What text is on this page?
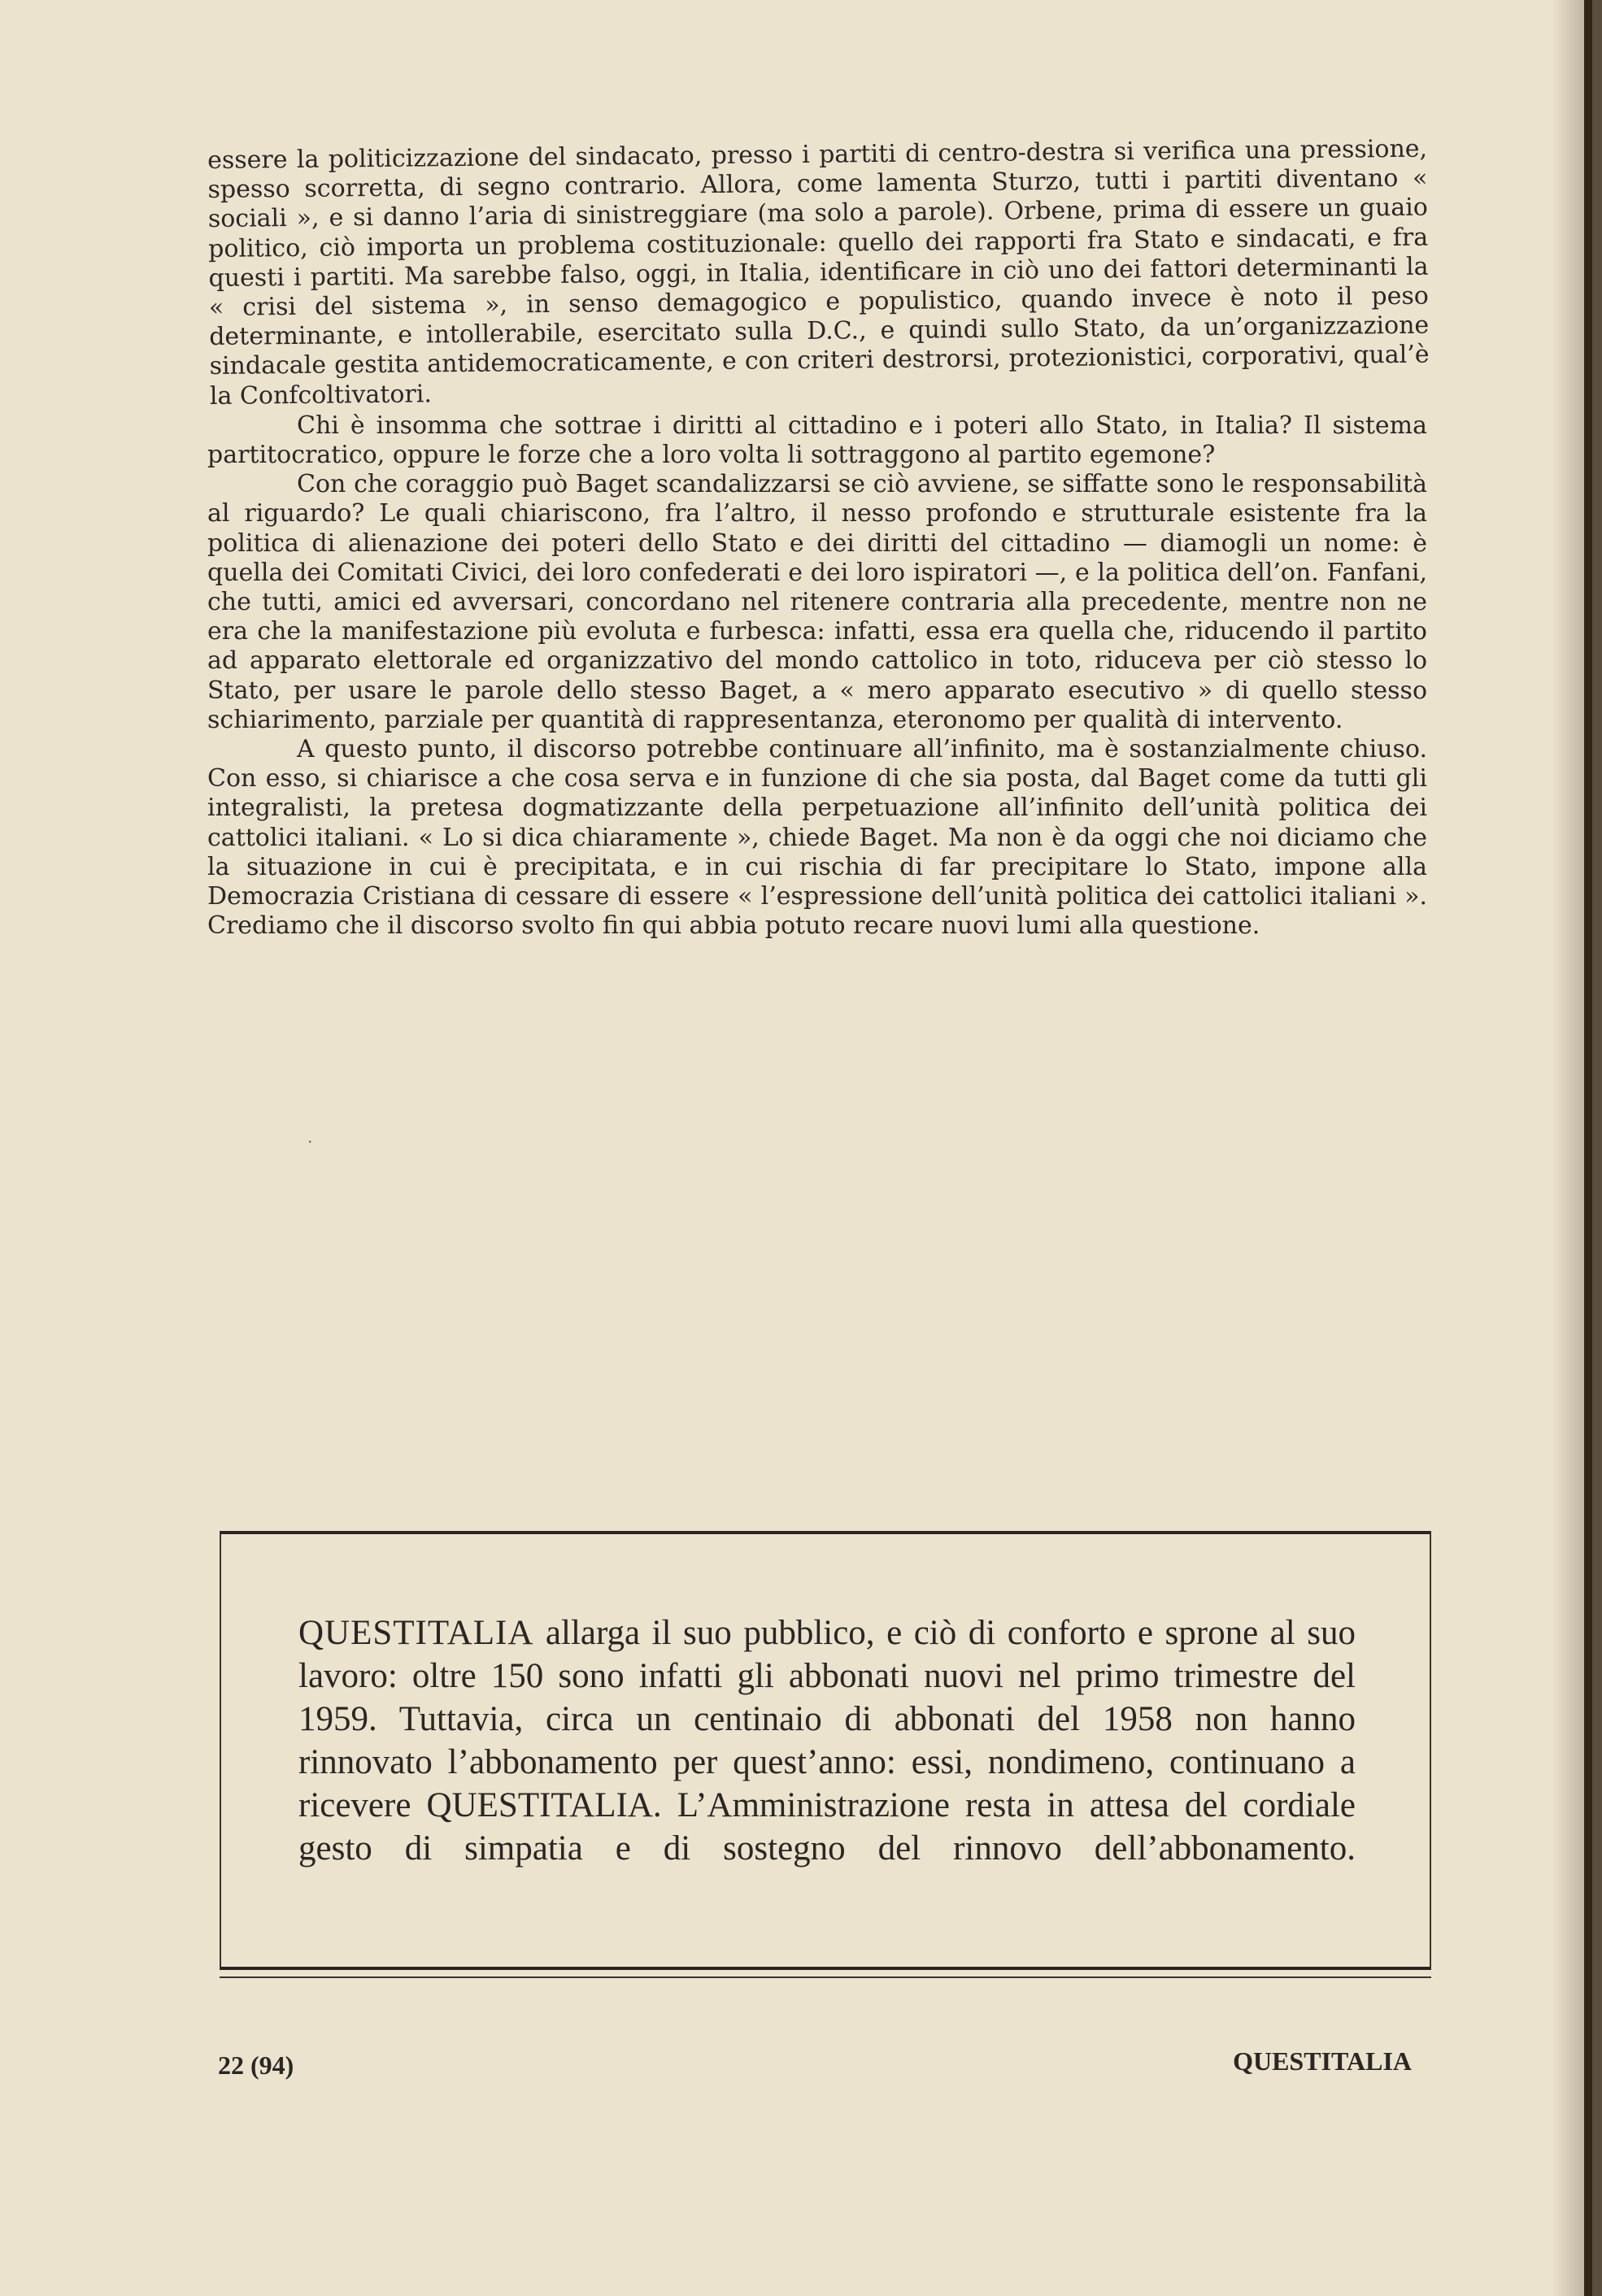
essere la politicizzazione del sindacato, presso i partiti di centro-destra si verifica una pressione, spesso scorretta, di segno contrario. Allora, come lamenta Sturzo, tutti i partiti diventano « sociali », e si danno l’aria di sinistreggiare (ma solo a parole). Orbene, prima di essere un guaio politico, ciò importa un problema costituzionale: quello dei rapporti fra Stato e sindacati, e fra questi i partiti. Ma sarebbe falso, oggi, in Italia, identificare in ciò uno dei fattori determinanti la « crisi del sistema », in senso demagogico e populistico, quando invece è noto il peso determinante, e intollerabile, esercitato sulla D.C., e quindi sullo Stato, da un’organizzazione sindacale gestita antidemocraticamente, e con criteri destrorsi, protezionistici, corporativi, qual’è la Confcoltivatori.

Chi è insomma che sottrae i diritti al cittadino e i poteri allo Stato, in Italia? Il sistema partitocratico, oppure le forze che a loro volta li sottraggono al partito egemone?

Con che coraggio può Baget scandalizzarsi se ciò avviene, se siffatte sono le responsabilità al riguardo? Le quali chiariscono, fra l’altro, il nesso profondo e strutturale esistente fra la politica di alienazione dei poteri dello Stato e dei diritti del cittadino — diamogli un nome: è quella dei Comitati Civici, dei loro confederati e dei loro ispiratori —, e la politica dell’on. Fanfani, che tutti, amici ed avversari, concordano nel ritenere contraria alla precedente, mentre non ne era che la manifestazione più evoluta e furbesca: infatti, essa era quella che, riducendo il partito ad apparato elettorale ed organizzativo del mondo cattolico in toto, riduceva per ciò stesso lo Stato, per usare le parole dello stesso Baget, a « mero apparato esecutivo » di quello stesso schiarimento, parziale per quantità di rappresentanza, eteronomo per qualità di intervento.

A questo punto, il discorso potrebbe continuare all’infinito, ma è sostanzialmente chiuso. Con esso, si chiarisce a che cosa serva e in funzione di che sia posta, dal Baget come da tutti gli integralisti, la pretesa dogmatizzante della perpetuazione all’infinito dell’unità politica dei cattolici italiani. « Lo si dica chiaramente », chiede Baget. Ma non è da oggi che noi diciamo che la situazione in cui è precipitata, e in cui rischia di far precipitare lo Stato, impone alla Democrazia Cristiana di cessare di essere « l’espressione dell’unità politica dei cattolici italiani ». Crediamo che il discorso svolto fin qui abbia potuto recare nuovi lumi alla questione.

·
QUESTITALIA allarga il suo pubblico, e ciò di conforto e sprone al suo lavoro: oltre 150 sono infatti gli abbonati nuovi nel primo trimestre del 1959. Tuttavia, circa un centinaio di abbonati del 1958 non hanno rinnovato l’abbonamento per quest’anno: essi, nondimeno, continuano a ricevere QUESTITALIA. L’Amministrazione resta in attesa del cordiale gesto di simpatia e di sostegno del rinnovo dell’abbonamento.
22 (94)	QUESTITALIA
